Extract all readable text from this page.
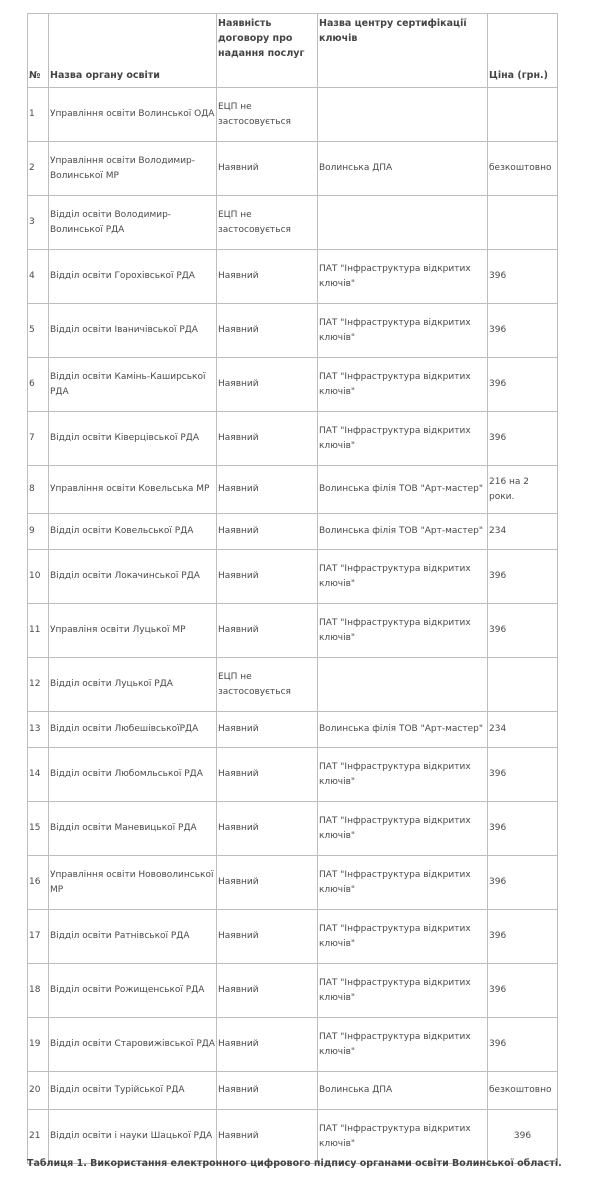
№	Назва органу освіти	Наявність договору про надання послуг	Назва центру сертифікації ключів	Ціна (грн.)
1	Управління освіти Волинської ОДА	ЕЦП не застосовується		
2	Управління освіти Володимир-Волинської МР	Наявний	Волинська ДПА	безкоштовно
3	Відділ освіти Володимир-Волинської РДА	ЕЦП не застосовується		
4	Відділ освіти Горохівської РДА	Наявний	ПАТ "Інфраструктура відкритих ключів"	396
5	Відділ освіти Іваничівської РДА	Наявний	ПАТ "Інфраструктура відкритих ключів"	396
6	Відділ освіти Камінь-Каширської РДА	Наявний	ПАТ "Інфраструктура відкритих ключів"	396
7	Відділ освіти Ківерцівської РДА	Наявний	ПАТ "Інфраструктура відкритих ключів"	396
8	Управління освіти Ковельська МР	Наявний	Волинська філія ТОВ "Арт-мастер"	216 на 2 роки.
9	Відділ освіти Ковельської РДА	Наявний	Волинська філія ТОВ "Арт-мастер"	234
10	Відділ освіти Локачинської РДА	Наявний	ПАТ "Інфраструктура відкритих ключів"	396
11	Управліня освіти Луцької МР	Наявний	ПАТ "Інфраструктура відкритих ключів"	396
12	Відділ освіти Луцької РДА	ЕЦП не застосовується		
13	Відділ освіти ЛюбешівськоїРДА	Наявний	Волинська філія ТОВ "Арт-мастер"	234
14	Відділ освіти Любомльської РДА	Наявний	ПАТ "Інфраструктура відкритих ключів"	396
15	Відділ освіти Маневицької РДА	Наявний	ПАТ "Інфраструктура відкритих ключів"	396
16	Управління освіти Нововолинської МР	Наявний	ПАТ "Інфраструктура відкритих ключів"	396
17	Відділ освіти Ратнівської РДА	Наявний	ПАТ "Інфраструктура відкритих ключів"	396
18	Відділ освіти Рожищенської РДА	Наявний	ПАТ "Інфраструктура відкритих ключів"	396
19	Відділ освіти Старовижівської РДА	Наявний	ПАТ "Інфраструктура відкритих ключів"	396
20	Відділ освіти Турійської РДА	Наявний	Волинська ДПА	безкоштовно
21	Відділ освіти і науки Шацької РДА	Наявний	ПАТ "Інфраструктура відкритих ключів"	396
Таблиця 1. Використання електронного цифрового підпису органами освіти Волинської області.
